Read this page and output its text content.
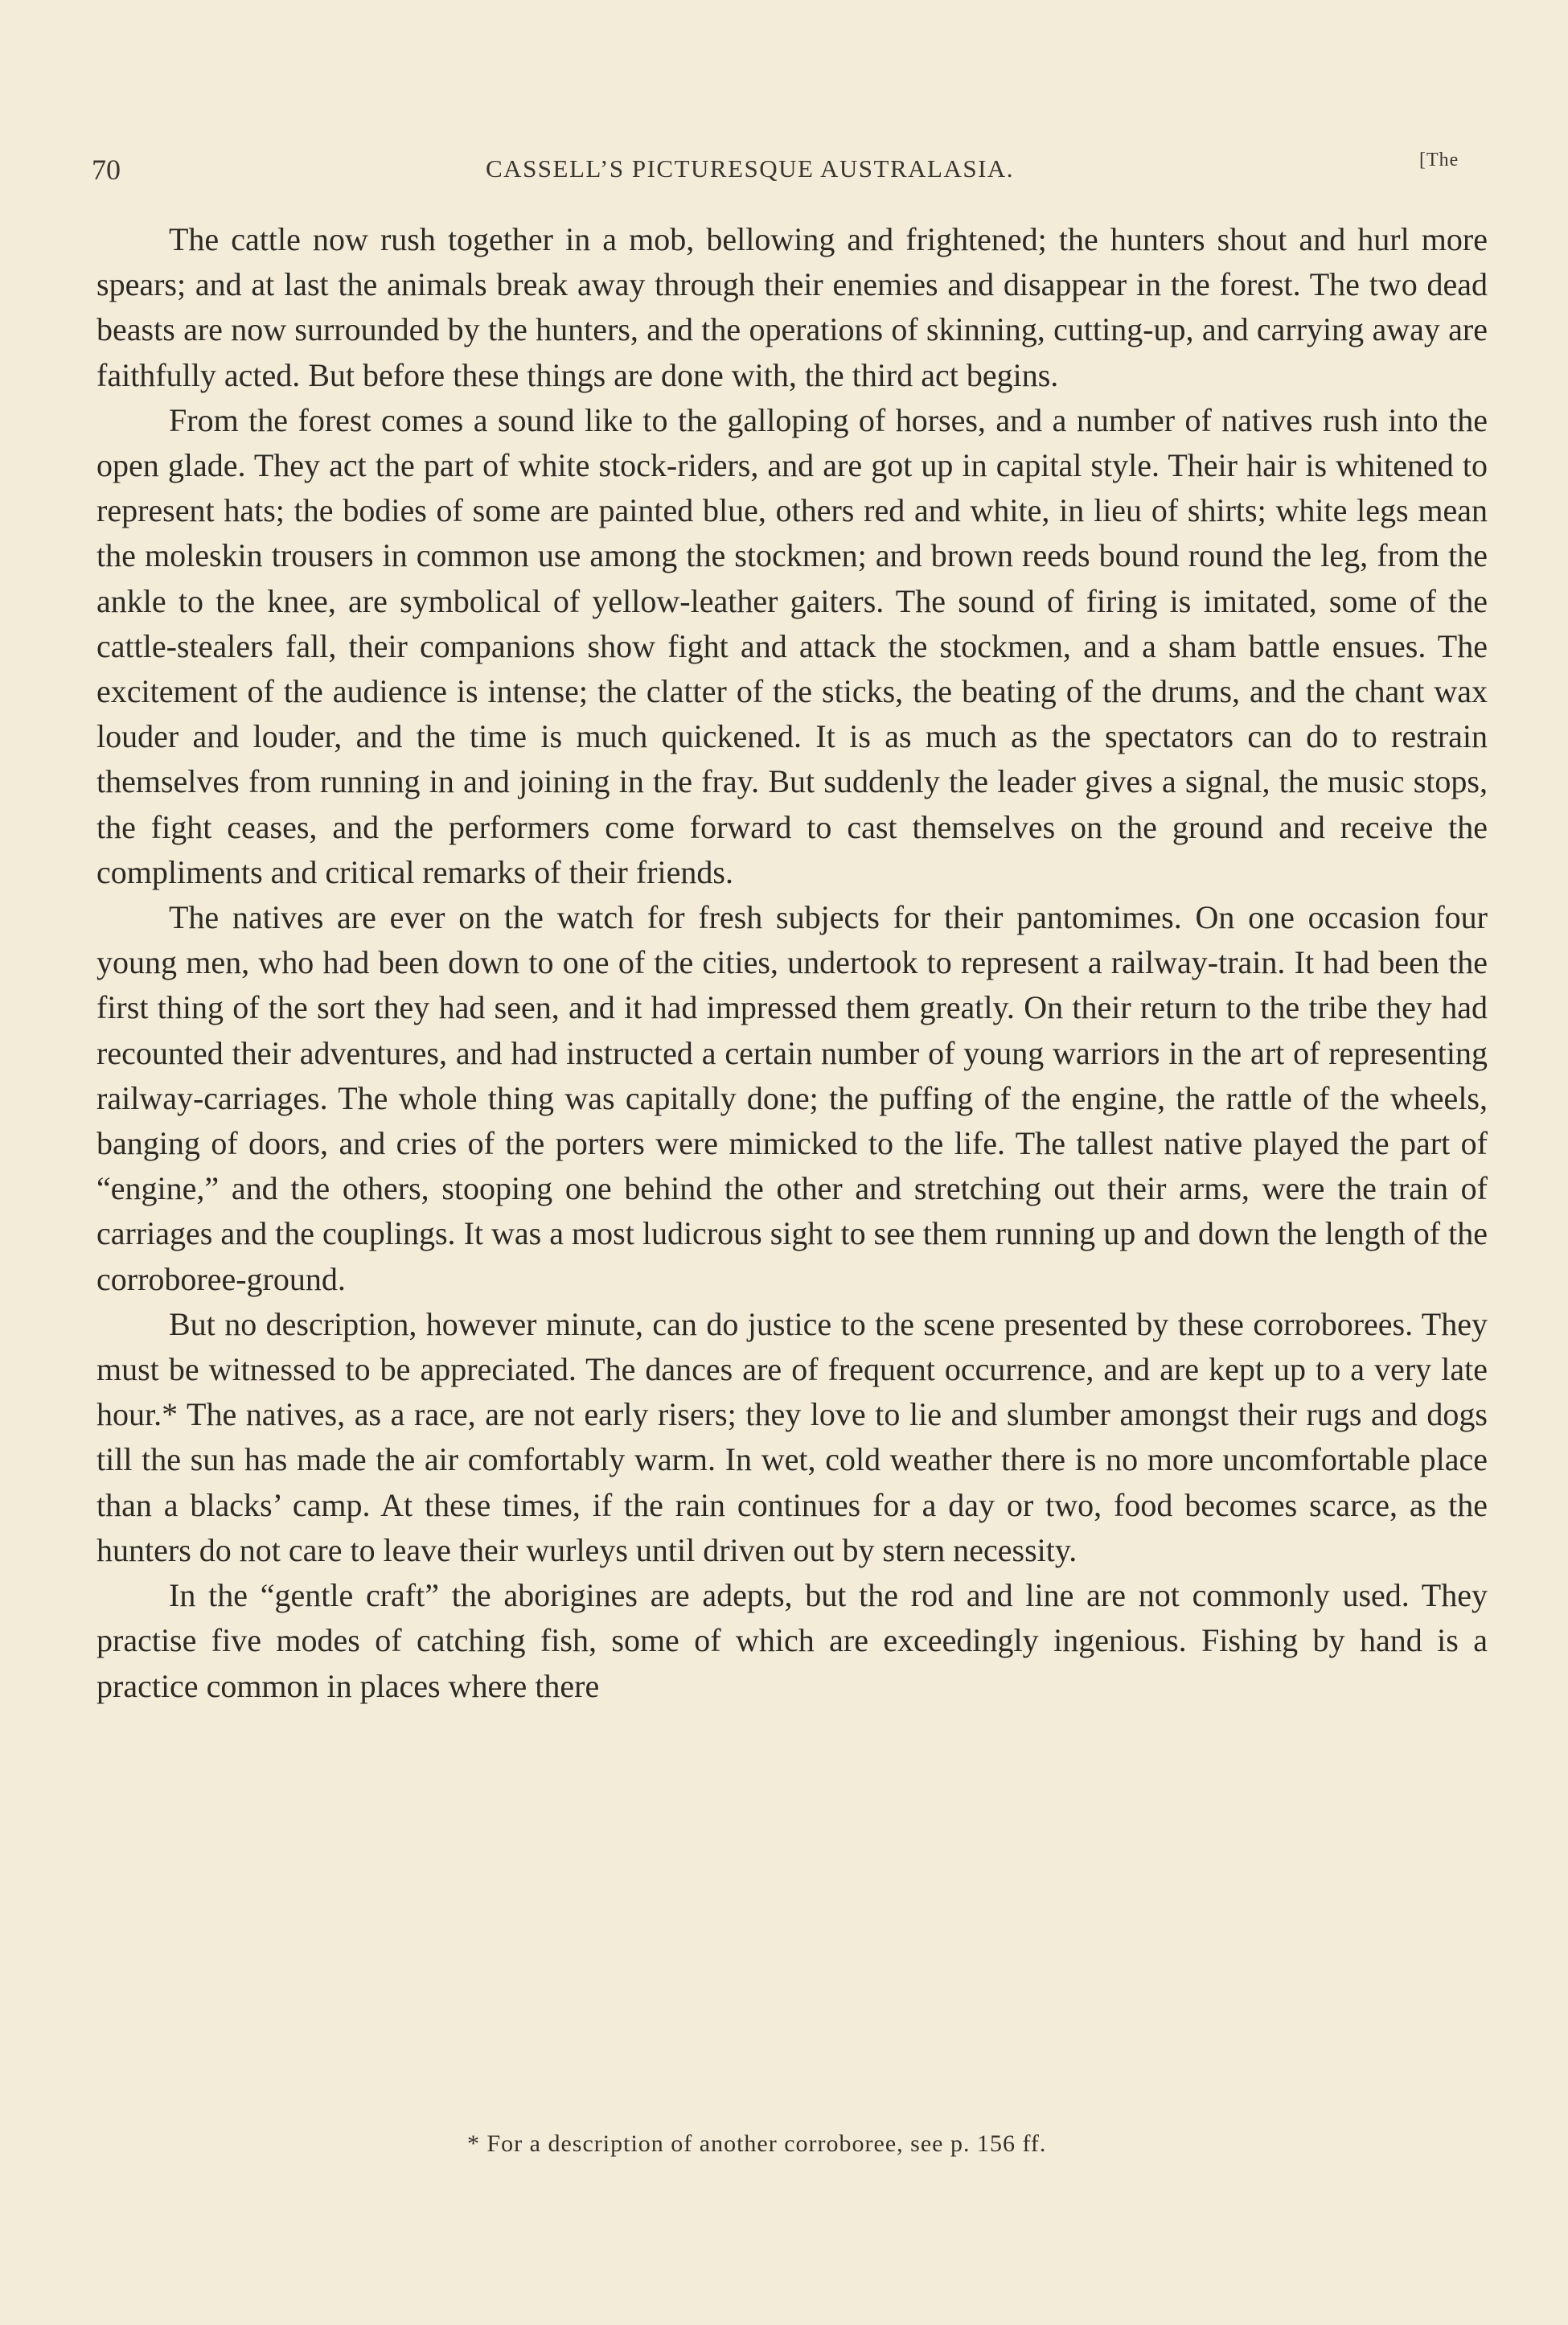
70	CASSELL’S PICTURESQUE AUSTRALASIA.	[The

The cattle now rush together in a mob, bellowing and frightened; the hunters shout and hurl more spears; and at last the animals break away through their enemies and disappear in the forest. The two dead beasts are now surrounded by the hunters, and the operations of skinning, cutting-up, and carrying away are faithfully acted. But before these things are done with, the third act begins.

From the forest comes a sound like to the galloping of horses, and a number of natives rush into the open glade. They act the part of white stock-riders, and are got up in capital style. Their hair is whitened to represent hats; the bodies of some are painted blue, others red and white, in lieu of shirts; white legs mean the moleskin trousers in common use among the stockmen; and brown reeds bound round the leg, from the ankle to the knee, are symbolical of yellow-leather gaiters. The sound of firing is imitated, some of the cattle-stealers fall, their companions show fight and attack the stockmen, and a sham battle ensues. The excitement of the audience is intense; the clatter of the sticks, the beating of the drums, and the chant wax louder and louder, and the time is much quickened. It is as much as the spectators can do to restrain themselves from running in and joining in the fray. But suddenly the leader gives a signal, the music stops, the fight ceases, and the performers come forward to cast themselves on the ground and receive the compliments and critical remarks of their friends.

The natives are ever on the watch for fresh subjects for their pantomimes. On one occasion four young men, who had been down to one of the cities, undertook to represent a railway-train. It had been the first thing of the sort they had seen, and it had impressed them greatly. On their return to the tribe they had recounted their adventures, and had instructed a certain number of young warriors in the art of representing railway-carriages. The whole thing was capitally done; the puffing of the engine, the rattle of the wheels, banging of doors, and cries of the porters were mimicked to the life. The tallest native played the part of “engine,” and the others, stooping one behind the other and stretching out their arms, were the train of carriages and the couplings. It was a most ludicrous sight to see them running up and down the length of the corroboree-ground.

But no description, however minute, can do justice to the scene presented by these corroborees. They must be witnessed to be appreciated. The dances are of frequent occurrence, and are kept up to a very late hour.* The natives, as a race, are not early risers; they love to lie and slumber amongst their rugs and dogs till the sun has made the air comfortably warm. In wet, cold weather there is no more uncomfortable place than a blacks’ camp. At these times, if the rain continues for a day or two, food becomes scarce, as the hunters do not care to leave their wurleys until driven out by stern necessity.

In the “gentle craft” the aborigines are adepts, but the rod and line are not commonly used. They practise five modes of catching fish, some of which are exceedingly ingenious. Fishing by hand is a practice common in places where there

* For a description of another corroboree, see p. 156 ff.
